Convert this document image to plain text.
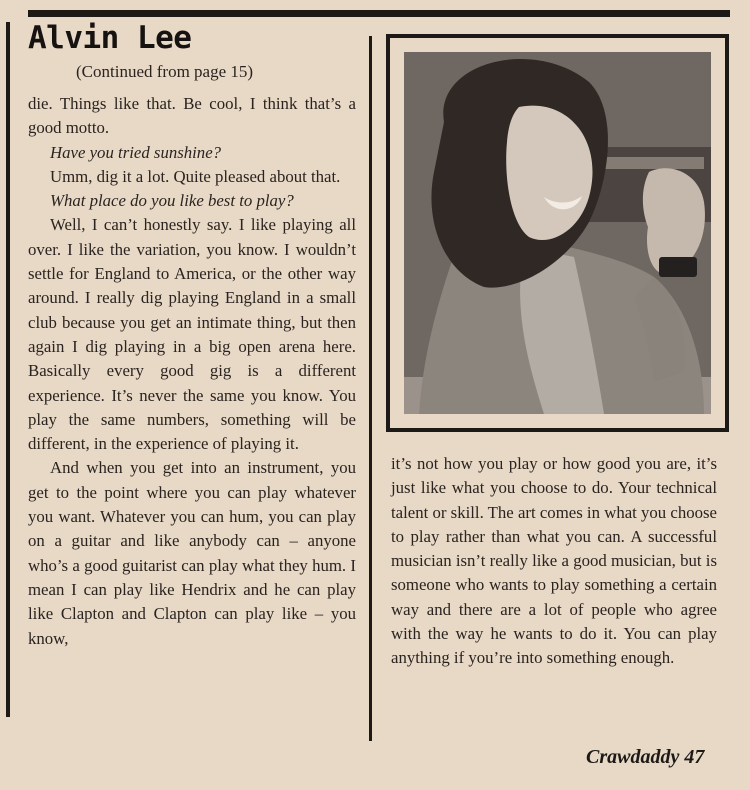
Alvin Lee
(Continued from page 15)

die. Things like that. Be cool, I think that’s a good motto.

Have you tried sunshine?

Umm, dig it a lot. Quite pleased about that.

What place do you like best to play?

Well, I can’t honestly say. I like playing all over. I like the variation, you know. I wouldn’t settle for England to America, or the other way around. I really dig playing England in a small club because you get an intimate thing, but then again I dig playing in a big open arena here. Basically every good gig is a different experience. It’s never the same you know. You play the same numbers, something will be different, in the experience of playing it.

And when you get into an instrument, you get to the point where you can play whatever you want. Whatever you can hum, you can play on a guitar and like anybody can – anyone who’s a good guitarist can play what they hum. I mean I can play like Hendrix and he can play like Clapton and Clapton can play like – you know,

it’s not how you play or how good you are, it’s just like what you choose to do. Your technical talent or skill. The art comes in what you choose to play rather than what you can. A successful musician isn’t really like a good musician, but is someone who wants to play something a certain way and there are a lot of people who agree with the way he wants to do it. You can play anything if you’re into something enough.

Crawdaddy 47
